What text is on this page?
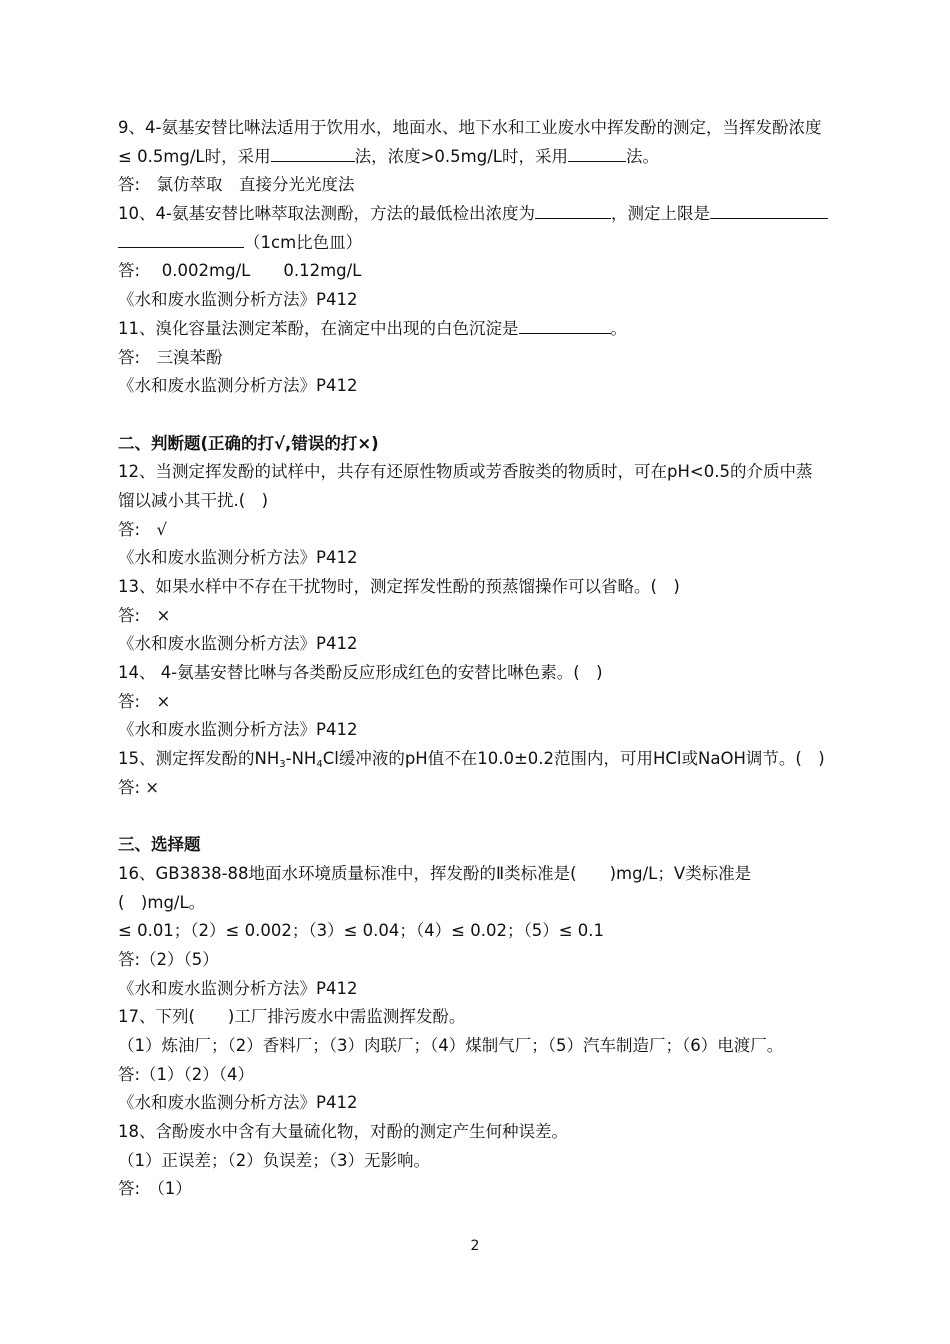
9、4-氨基安替比啉法适用于饮用水，地面水、地下水和工业废水中挥发酚的测定，当挥发酚浓度
≤ 0.5mg/L时，采用	法，浓度>0.5mg/L时，采用	法。
答:　氯仿萃取　直接分光光度法
10、4-氨基安替比啉萃取法测酚，方法的最低检出浓度为	，测定上限是
（1cm比色皿）
答:　 0.002mg/L　　0.12mg/L
《水和废水监测分析方法》P412
11、溴化容量法测定苯酚，在滴定中出现的白色沉淀是	。
答:　三溴苯酚
《水和废水监测分析方法》P412
二、判断题(正确的打√,错误的打×)
12、当测定挥发酚的试样中，共存有还原性物质或芳香胺类的物质时，可在pH<0.5的介质中蒸
馏以减小其干扰.(　)
答:　√
《水和废水监测分析方法》P412
13、如果水样中不存在干扰物时，测定挥发性酚的预蒸馏操作可以省略。(　)
答:　×
《水和废水监测分析方法》P412
14、 4-氨基安替比啉与各类酚反应形成红色的安替比啉色素。(　)
答:　×
《水和废水监测分析方法》P412
15、测定挥发酚的$NH_3-NH_4Cl$缓冲液的pH值不在10.0±0.2范围内，可用HCl或NaOH调节。(　)
答: ×
三、选择题
16、GB3838-88地面水环境质量标准中，挥发酚的Ⅱ类标准是(　　)mg/L；Ⅴ类标准是
(　)mg/L。
≤ 0.01；（2）≤ 0.002；（3）≤ 0.04；（4）≤ 0.02；（5）≤ 0.1
答:（2）（5）
《水和废水监测分析方法》P412
17、下列(　　)工厂排污废水中需监测挥发酚。
（1）炼油厂；（2）香料厂；（3）肉联厂；（4）煤制气厂；（5）汽车制造厂；（6）电渡厂。
答:（1）（2）（4）
《水和废水监测分析方法》P412
18、含酚废水中含有大量硫化物，对酚的测定产生何种误差。
（1）正误差；（2）负误差；（3）无影响。
答:　（1）
2
